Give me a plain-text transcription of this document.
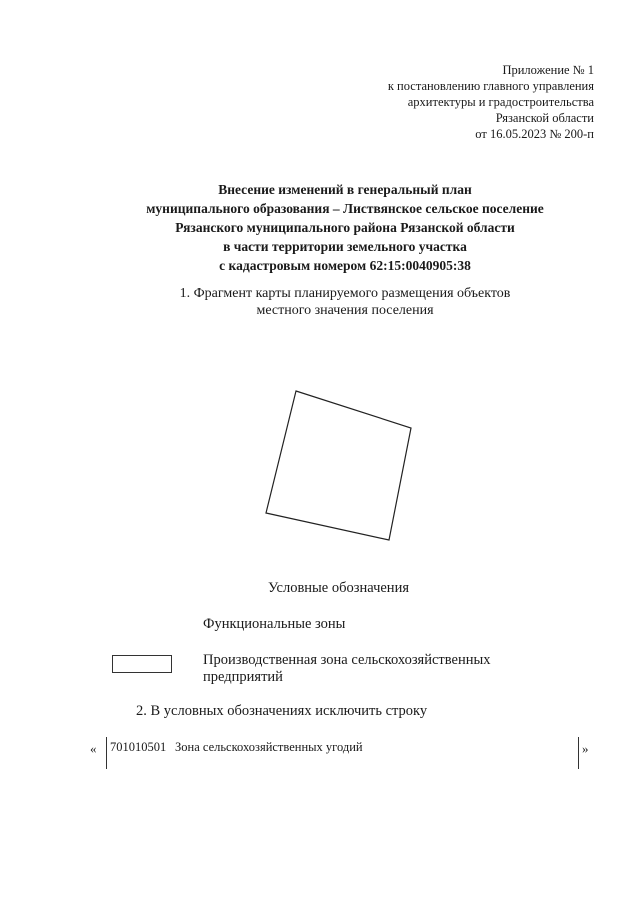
Приложение № 1
к постановлению главного управления
архитектуры и градостроительства
Рязанской области
от 16.05.2023 № 200-п
Внесение изменений в генеральный план
муниципального образования – Листвянское сельское поселение
Рязанского муниципального района Рязанской области
в части территории земельного участка
с кадастровым номером 62:15:0040905:38
1. Фрагмент карты планируемого размещения объектов
местного значения поселения
Условные обозначения
Функциональные зоны
Производственная зона сельскохозяйственных
предприятий
2. В условных обозначениях исключить строку
« 701010501 Зона сельскохозяйственных угодий	»
